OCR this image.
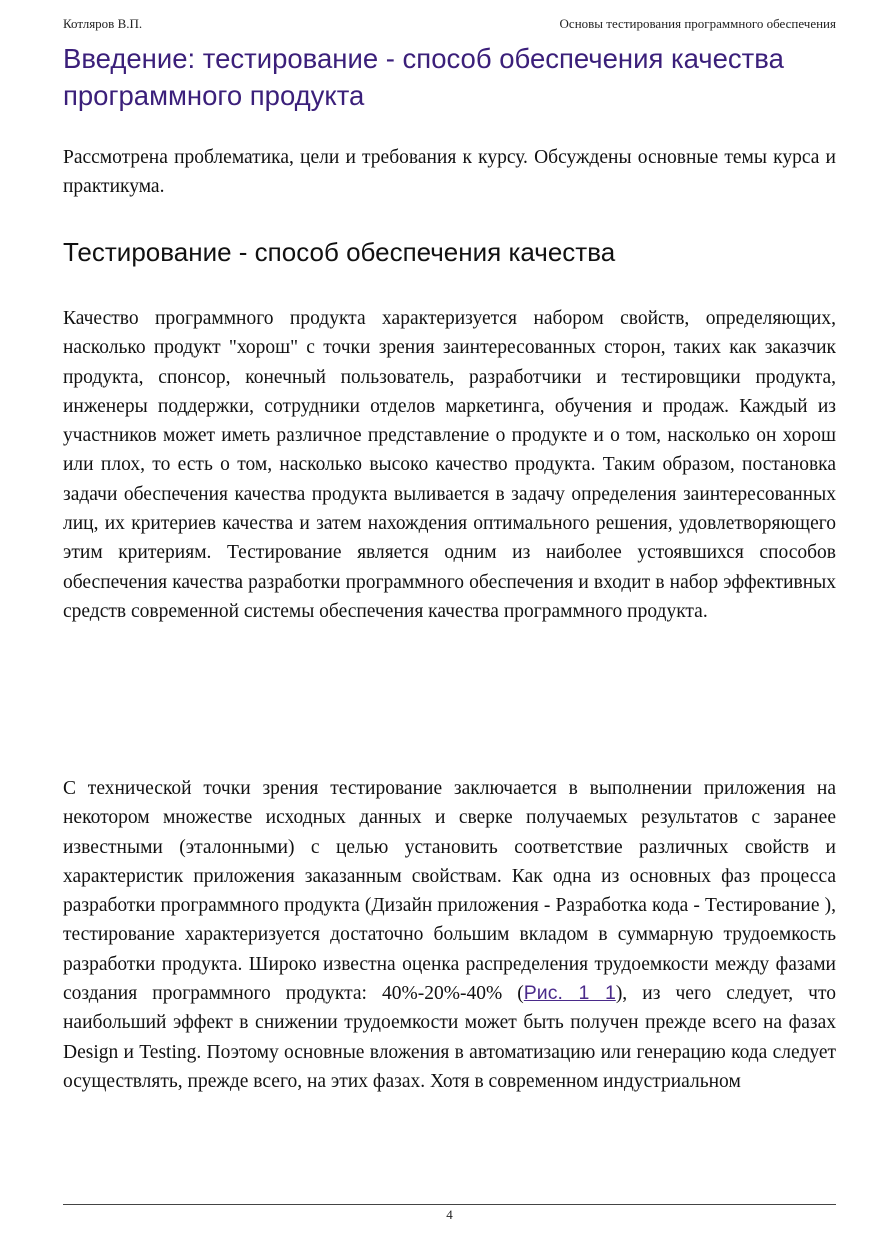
Котляров В.П.	Основы тестирования программного обеспечения
Введение: тестирование - способ обеспечения качества программного продукта

Рассмотрена проблематика, цели и требования к курсу. Обсуждены основные темы курса и практикума.

Тестирование - способ обеспечения качества

Качество программного продукта характеризуется набором свойств, определяющих, насколько продукт "хорош" с точки зрения заинтересованных сторон, таких как заказчик продукта, спонсор, конечный пользователь, разработчики и тестировщики продукта, инженеры поддержки, сотрудники отделов маркетинга, обучения и продаж. Каждый из участников может иметь различное представление о продукте и о том, насколько он хорош или плох, то есть о том, насколько высоко качество продукта. Таким образом, постановка задачи обеспечения качества продукта выливается в задачу определения заинтересованных лиц, их критериев качества и затем нахождения оптимального решения, удовлетворяющего этим критериям. Тестирование является одним из наиболее устоявшихся способов обеспечения качества разработки программного обеспечения и входит в набор эффективных средств современной системы обеспечения качества программного продукта.

С технической точки зрения тестирование заключается в выполнении приложения на некотором множестве исходных данных и сверке получаемых результатов с заранее известными (эталонными) с целью установить соответствие различных свойств и характеристик приложения заказанным свойствам. Как одна из основных фаз процесса разработки программного продукта (Дизайн приложения - Разработка кода - Тестирование ), тестирование характеризуется достаточно большим вкладом в суммарную трудоемкость разработки продукта. Широко известна оценка распределения трудоемкости между фазами создания программного продукта: 40%-20%-40% (Рис. 1 1), из чего следует, что наибольший эффект в снижении трудоемкости может быть получен прежде всего на фазах Design и Testing. Поэтому основные вложения в автоматизацию или генерацию кода следует осуществлять, прежде всего, на этих фазах. Хотя в современном индустриальном

4
